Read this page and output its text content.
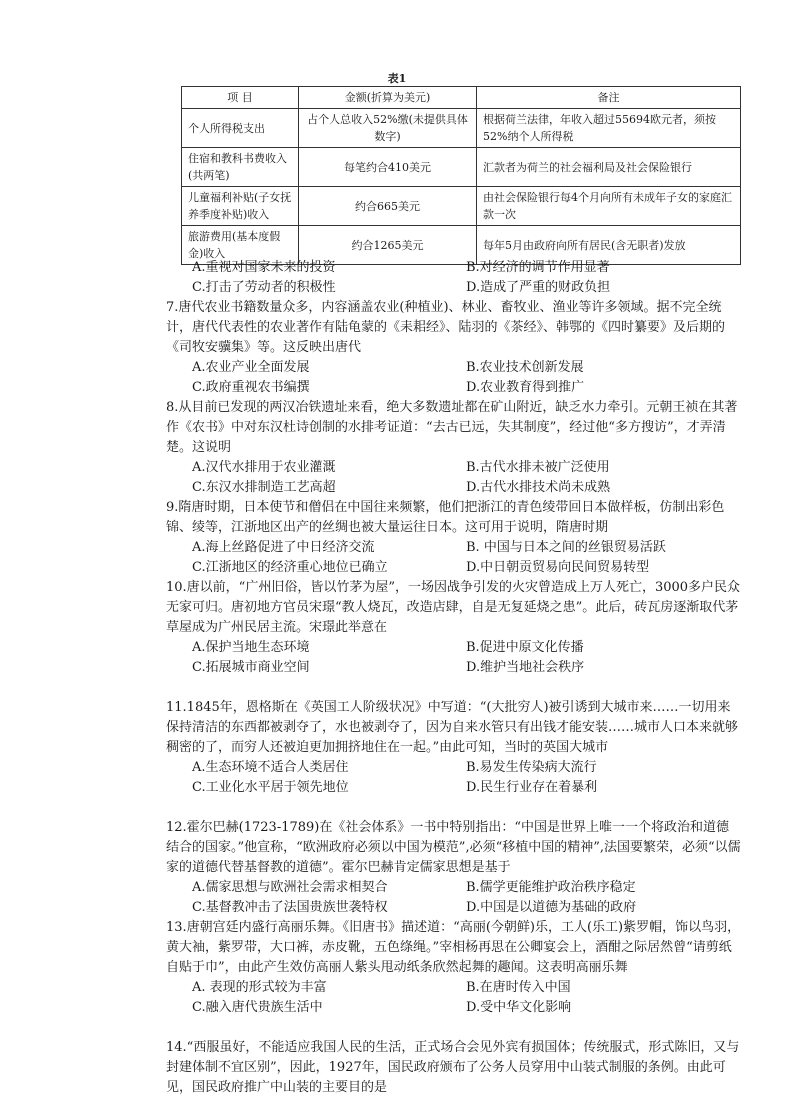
表1
项 目	金额(折算为美元)	备注
个人所得税支出	占个人总收入52%缴(未提供具体数字)	根据荷兰法律，年收入超过55694欧元者，须按52%纳个人所得税
住宿和教科书费收入(共两笔)	每笔约合410美元	汇款者为荷兰的社会福利局及社会保险银行
儿童福利补贴(子女抚养季度补贴)收入	约合665美元	由社会保险银行每4个月向所有未成年子女的家庭汇款一次
旅游费用(基本度假金)收入	约合1265美元	每年5月由政府向所有居民(含无职者)发放
A.重视对国家未来的投资	B.对经济的调节作用显著
C.打击了劳动者的积极性	D.造成了严重的财政负担
7.唐代农业书籍数量众多，内容涵盖农业(种植业)、林业、畜牧业、渔业等许多领域。据不完全统计，唐代代表性的农业著作有陆龟蒙的《耒耜经》、陆羽的《茶经》、韩鄂的《四时纂要》及后期的《司牧安骥集》等。这反映出唐代
A.农业产业全面发展	B.农业技术创新发展
C.政府重视农书编撰	D.农业教育得到推广
8.从目前已发现的两汉冶铁遗址来看，绝大多数遗址都在矿山附近，缺乏水力牵引。元朝王祯在其著作《农书》中对东汉杜诗创制的水排考证道：“去古已远，失其制度”，经过他“多方搜访”，才弄清楚。这说明
A.汉代水排用于农业灌溉	B.古代水排未被广泛使用
C.东汉水排制造工艺高超	D.古代水排技术尚未成熟
9.隋唐时期，日本使节和僧侣在中国往来频繁，他们把浙江的青色绫带回日本做样板，仿制出彩色锦、绫等，江浙地区出产的丝绸也被大量运往日本。这可用于说明，隋唐时期
A.海上丝路促进了中日经济交流	B. 中国与日本之间的丝银贸易活跃
C.江浙地区的经济重心地位已确立	D.中日朝贡贸易向民间贸易转型
10.唐以前，“广州旧俗，皆以竹茅为屋”，一场因战争引发的火灾曾造成上万人死亡，3000多户民众无家可归。唐初地方官员宋璟“教人烧瓦，改造店肆，自是无复延烧之患”。此后，砖瓦房逐渐取代茅草屋成为广州民居主流。宋璟此举意在
A.保护当地生态环境	B.促进中原文化传播
C.拓展城市商业空间	D.维护当地社会秩序
11.1845年，恩格斯在《英国工人阶级状况》中写道：“(大批穷人)被引诱到大城市来……一切用来保持清洁的东西都被剥夺了，水也被剥夺了，因为自来水管只有出钱才能安装……城市人口本来就够稠密的了，而穷人还被迫更加拥挤地住在一起。”由此可知，当时的英国大城市
A.生态环境不适合人类居住	B.易发生传染病大流行
C.工业化水平居于领先地位	D.民生行业存在着暴利
12.霍尔巴赫(1723-1789)在《社会体系》一书中特别指出：“中国是世界上唯一一个将政治和道德结合的国家。”他宣称，“欧洲政府必须以中国为模范”,必须“移植中国的精神”,法国要繁荣，必须“以儒家的道德代替基督教的道德”。霍尔巴赫肯定儒家思想是基于
A.儒家思想与欧洲社会需求相契合	B.儒学更能维护政治秩序稳定
C.基督教冲击了法国贵族世袭特权	D.中国是以道德为基础的政府
13.唐朝宫廷内盛行高丽乐舞。《旧唐书》描述道：“高丽(今朝鲜)乐，工人(乐工)紫罗帽，饰以鸟羽，黄大袖，紫罗带，大口裤，赤皮靴，五色绦绳。”宰相杨再思在公卿宴会上，酒酣之际居然曾“请剪纸自贴于巾”，由此产生效仿高丽人紫头甩动纸条欣然起舞的趣闻。这表明高丽乐舞
A. 表现的形式较为丰富	B.在唐时传入中国
C.融入唐代贵族生活中	D.受中华文化影响
14.“西服虽好，不能适应我国人民的生活，正式场合会见外宾有损国体；传统服式，形式陈旧，又与封建体制不宜区别”，因此，1927年，国民政府颁布了公务人员穿用中山装式制服的条例。由此可见，国民政府推广中山装的主要目的是
